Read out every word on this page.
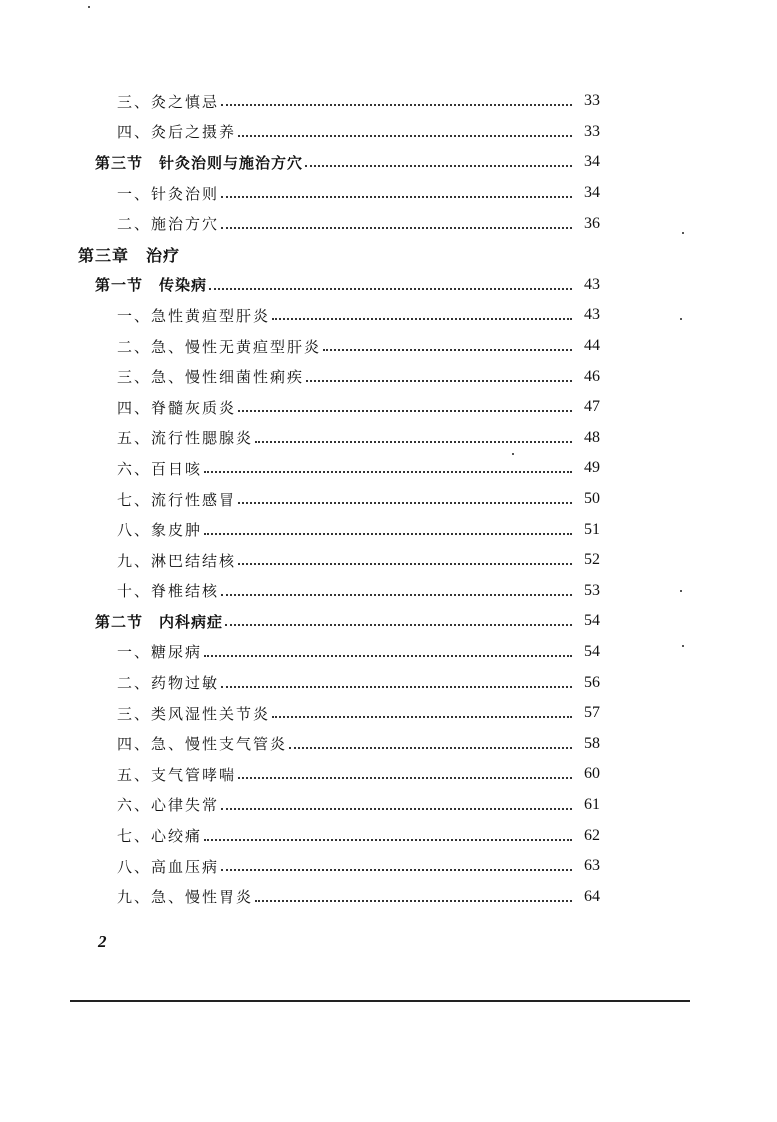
三、灸之慎忌	33
四、灸后之摄养	33
第三节　针灸治则与施治方穴	34
一、针灸治则	34
二、施治方穴	36
第三章　治疗
第一节　传染病	43
一、急性黄疸型肝炎	43
二、急、慢性无黄疸型肝炎	44
三、急、慢性细菌性痢疾	46
四、脊髓灰质炎	47
五、流行性腮腺炎	48
六、百日咳	49
七、流行性感冒	50
八、象皮肿	51
九、淋巴结结核	52
十、脊椎结核	53
第二节　内科病症	54
一、糖尿病	54
二、药物过敏	56
三、类风湿性关节炎	57
四、急、慢性支气管炎	58
五、支气管哮喘	60
六、心律失常	61
七、心绞痛	62
八、高血压病	63
九、急、慢性胃炎	64
2
